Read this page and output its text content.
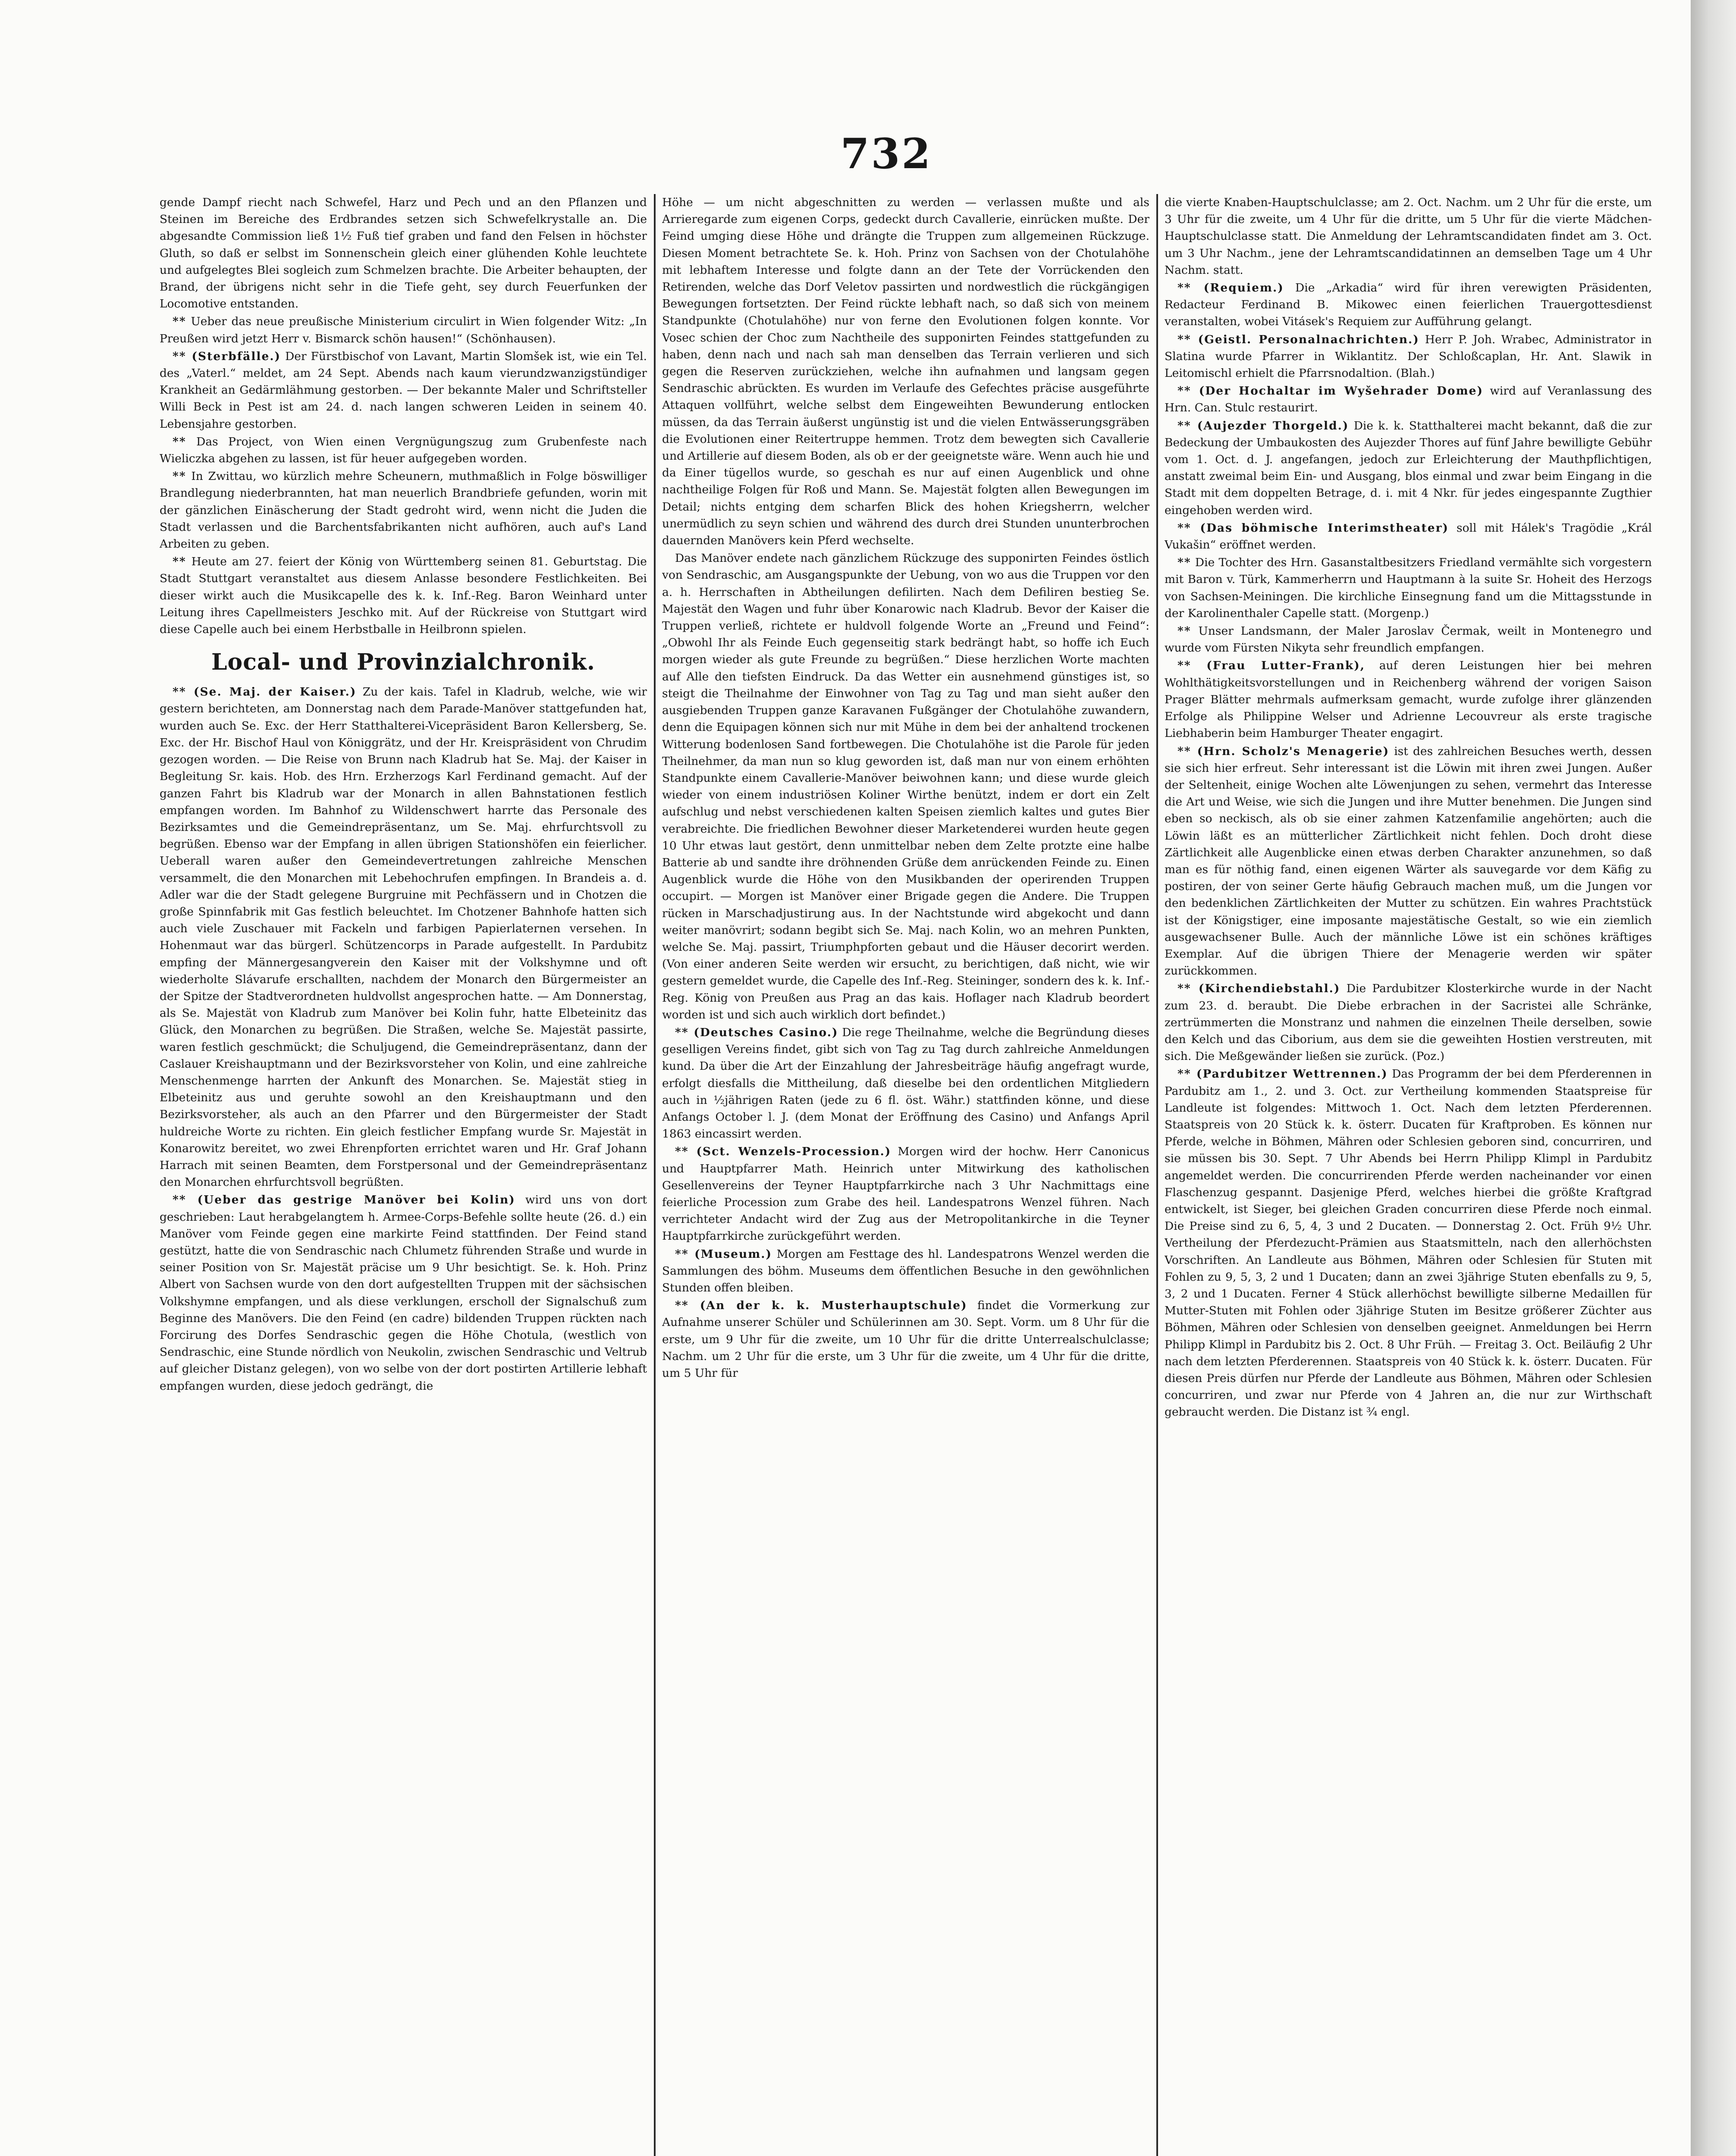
732

gende Dampf riecht nach Schwefel, Harz und Pech und an den Pflanzen und Steinen im Bereiche des Erdbrandes setzen sich Schwefelkrystalle an. Die abgesandte Commission ließ 1½ Fuß tief graben und fand den Felsen in höchster Gluth, so daß er selbst im Sonnenschein gleich einer glühenden Kohle leuchtete und aufgelegtes Blei sogleich zum Schmelzen brachte. Die Arbeiter behaupten, der Brand, der übrigens nicht sehr in die Tiefe geht, sey durch Feuerfunken der Locomotive entstanden.

** Ueber das neue preußische Ministerium circulirt in Wien folgender Witz: „In Preußen wird jetzt Herr v. Bismarck schön hausen!“ (Schönhausen).

** (Sterbfälle.) Der Fürstbischof von Lavant, Martin Slomšek ist, wie ein Tel. des „Vaterl.“ meldet, am 24 Sept. Abends nach kaum vierundzwanzigstündiger Krankheit an Gedärmlähmung gestorben. — Der bekannte Maler und Schriftsteller Willi Beck in Pest ist am 24. d. nach langen schweren Leiden in seinem 40. Lebensjahre gestorben.

** Das Project, von Wien einen Vergnügungszug zum Grubenfeste nach Wieliczka abgehen zu lassen, ist für heuer aufgegeben worden.

** In Zwittau, wo kürzlich mehre Scheunern, muthmaßlich in Folge böswilliger Brandlegung niederbrannten, hat man neuerlich Brandbriefe gefunden, worin mit der gänzlichen Einäscherung der Stadt gedroht wird, wenn nicht die Juden die Stadt verlassen und die Barchentsfabrikanten nicht aufhören, auch auf's Land Arbeiten zu geben.

** Heute am 27. feiert der König von Württemberg seinen 81. Geburtstag. Die Stadt Stuttgart veranstaltet aus diesem Anlasse besondere Festlichkeiten. Bei dieser wirkt auch die Musikcapelle des k. k. Inf.-Reg. Baron Weinhard unter Leitung ihres Capellmeisters Jeschko mit. Auf der Rückreise von Stuttgart wird diese Capelle auch bei einem Herbstballe in Heilbronn spielen.

Local- und Provinzialchronik.

** (Se. Maj. der Kaiser.) Zu der kais. Tafel in Kladrub, welche, wie wir gestern berichteten, am Donnerstag nach dem Parade-Manöver stattgefunden hat, wurden auch Se. Exc. der Herr Statthalterei-Vicepräsident Baron Kellersberg, Se. Exc. der Hr. Bischof Haul von Königgrätz, und der Hr. Kreispräsident von Chrudim gezogen worden. — Die Reise von Brunn nach Kladrub hat Se. Maj. der Kaiser in Begleitung Sr. kais. Hob. des Hrn. Erzherzogs Karl Ferdinand gemacht. Auf der ganzen Fahrt bis Kladrub war der Monarch in allen Bahnstationen festlich empfangen worden. Im Bahnhof zu Wildenschwert harrte das Personale des Bezirksamtes und die Gemeindrepräsentanz, um Se. Maj. ehrfurchtsvoll zu begrüßen. Ebenso war der Empfang in allen übrigen Stationshöfen ein feierlicher. Ueberall waren außer den Gemeindevertretungen zahlreiche Menschen versammelt, die den Monarchen mit Lebehochrufen empfingen. In Brandeis a. d. Adler war die der Stadt gelegene Burgruine mit Pechfässern und in Chotzen die große Spinnfabrik mit Gas festlich beleuchtet. Im Chotzener Bahnhofe hatten sich auch viele Zuschauer mit Fackeln und farbigen Papierlaternen versehen. In Hohenmaut war das bürgerl. Schützencorps in Parade aufgestellt. In Pardubitz empfing der Männergesangverein den Kaiser mit der Volkshymne und oft wiederholte Slávarufe erschallten, nachdem der Monarch den Bürgermeister an der Spitze der Stadtverordneten huldvollst angesprochen hatte. — Am Donnerstag, als Se. Majestät von Kladrub zum Manöver bei Kolin fuhr, hatte Elbeteinitz das Glück, den Monarchen zu begrüßen. Die Straßen, welche Se. Majestät passirte, waren festlich geschmückt; die Schuljugend, die Gemeindrepräsentanz, dann der Caslauer Kreishauptmann und der Bezirksvorsteher von Kolin, und eine zahlreiche Menschenmenge harrten der Ankunft des Monarchen. Se. Majestät stieg in Elbeteinitz aus und geruhte sowohl an den Kreishauptmann und den Bezirksvorsteher, als auch an den Pfarrer und den Bürgermeister der Stadt huldreiche Worte zu richten. Ein gleich festlicher Empfang wurde Sr. Majestät in Konarowitz bereitet, wo zwei Ehrenpforten errichtet waren und Hr. Graf Johann Harrach mit seinen Beamten, dem Forstpersonal und der Gemeindrepräsentanz den Monarchen ehrfurchtsvoll begrüßten.

** (Ueber das gestrige Manöver bei Kolin) wird uns von dort geschrieben: Laut herabgelangtem h. Armee-Corps-Befehle sollte heute (26. d.) ein Manöver vom Feinde gegen eine markirte Feind stattfinden. Der Feind stand gestützt, hatte die von Sendraschic nach Chlumetz führenden Straße und wurde in seiner Position von Sr. Majestät präcise um 9 Uhr besichtigt. Se. k. Hoh. Prinz Albert von Sachsen wurde von den dort aufgestellten Truppen mit der sächsischen Volkshymne empfangen, und als diese verklungen, erscholl der Signalschuß zum Beginne des Manövers. Die den Feind (en cadre) bildenden Truppen rückten nach Forcirung des Dorfes Sendraschic gegen die Höhe Chotula, (westlich von Sendraschic, eine Stunde nördlich von Neukolin, zwischen Sendraschic und Veltrub auf gleicher Distanz gelegen), von wo selbe von der dort postirten Artillerie lebhaft empfangen wurden, diese jedoch gedrängt, die

Höhe — um nicht abgeschnitten zu werden — verlassen mußte und als Arrieregarde zum eigenen Corps, gedeckt durch Cavallerie, einrücken mußte. Der Feind umging diese Höhe und drängte die Truppen zum allgemeinen Rückzuge. Diesen Moment betrachtete Se. k. Hoh. Prinz von Sachsen von der Chotulahöhe mit lebhaftem Interesse und folgte dann an der Tete der Vorrückenden den Retirenden, welche das Dorf Veletov passirten und nordwestlich die rückgängigen Bewegungen fortsetzten. Der Feind rückte lebhaft nach, so daß sich von meinem Standpunkte (Chotulahöhe) nur von ferne den Evolutionen folgen konnte. Vor Vosec schien der Choc zum Nachtheile des supponirten Feindes stattgefunden zu haben, denn nach und nach sah man denselben das Terrain verlieren und sich gegen die Reserven zurückziehen, welche ihn aufnahmen und langsam gegen Sendraschic abrückten. Es wurden im Verlaufe des Gefechtes präcise ausgeführte Attaquen vollführt, welche selbst dem Eingeweihten Bewunderung entlocken müssen, da das Terrain äußerst ungünstig ist und die vielen Entwässerungsgräben die Evolutionen einer Reitertruppe hemmen. Trotz dem bewegten sich Cavallerie und Artillerie auf diesem Boden, als ob er der geeignetste wäre. Wenn auch hie und da Einer tügellos wurde, so geschah es nur auf einen Augenblick und ohne nachtheilige Folgen für Roß und Mann. Se. Majestät folgten allen Bewegungen im Detail; nichts entging dem scharfen Blick des hohen Kriegsherrn, welcher unermüdlich zu seyn schien und während des durch drei Stunden ununterbrochen dauernden Manövers kein Pferd wechselte.

Das Manöver endete nach gänzlichem Rückzuge des supponirten Feindes östlich von Sendraschic, am Ausgangspunkte der Uebung, von wo aus die Truppen vor den a. h. Herrschaften in Abtheilungen defilirten. Nach dem Defiliren bestieg Se. Majestät den Wagen und fuhr über Konarowic nach Kladrub. Bevor der Kaiser die Truppen verließ, richtete er huldvoll folgende Worte an „Freund und Feind“: „Obwohl Ihr als Feinde Euch gegenseitig stark bedrängt habt, so hoffe ich Euch morgen wieder als gute Freunde zu begrüßen.“ Diese herzlichen Worte machten auf Alle den tiefsten Eindruck. Da das Wetter ein ausnehmend günstiges ist, so steigt die Theilnahme der Einwohner von Tag zu Tag und man sieht außer den ausgiebenden Truppen ganze Karavanen Fußgänger der Chotulahöhe zuwandern, denn die Equipagen können sich nur mit Mühe in dem bei der anhaltend trockenen Witterung bodenlosen Sand fortbewegen. Die Chotulahöhe ist die Parole für jeden Theilnehmer, da man nun so klug geworden ist, daß man nur von einem erhöhten Standpunkte einem Cavallerie-Manöver beiwohnen kann; und diese wurde gleich wieder von einem industriösen Koliner Wirthe benützt, indem er dort ein Zelt aufschlug und nebst verschiedenen kalten Speisen ziemlich kaltes und gutes Bier verabreichte. Die friedlichen Bewohner dieser Marketenderei wurden heute gegen 10 Uhr etwas laut gestört, denn unmittelbar neben dem Zelte protzte eine halbe Batterie ab und sandte ihre dröhnenden Grüße dem anrückenden Feinde zu. Einen Augenblick wurde die Höhe von den Musikbanden der operirenden Truppen occupirt. — Morgen ist Manöver einer Brigade gegen die Andere. Die Truppen rücken in Marschadjustirung aus. In der Nachtstunde wird abgekocht und dann weiter manövrirt; sodann begibt sich Se. Maj. nach Kolin, wo an mehren Punkten, welche Se. Maj. passirt, Triumphpforten gebaut und die Häuser decorirt werden. (Von einer anderen Seite werden wir ersucht, zu berichtigen, daß nicht, wie wir gestern gemeldet wurde, die Capelle des Inf.-Reg. Steininger, sondern des k. k. Inf.-Reg. König von Preußen aus Prag an das kais. Hoflager nach Kladrub beordert worden ist und sich auch wirklich dort befindet.)

** (Deutsches Casino.) Die rege Theilnahme, welche die Begründung dieses geselligen Vereins findet, gibt sich von Tag zu Tag durch zahlreiche Anmeldungen kund. Da über die Art der Einzahlung der Jahresbeiträge häufig angefragt wurde, erfolgt diesfalls die Mittheilung, daß dieselbe bei den ordentlichen Mitgliedern auch in ½jährigen Raten (jede zu 6 fl. öst. Währ.) stattfinden könne, und diese Anfangs October l. J. (dem Monat der Eröffnung des Casino) und Anfangs April 1863 eincassirt werden.

** (Sct. Wenzels-Procession.) Morgen wird der hochw. Herr Canonicus und Hauptpfarrer Math. Heinrich unter Mitwirkung des katholischen Gesellenvereins der Teyner Hauptpfarrkirche nach 3 Uhr Nachmittags eine feierliche Procession zum Grabe des heil. Landespatrons Wenzel führen. Nach verrichteter Andacht wird der Zug aus der Metropolitankirche in die Teyner Hauptpfarrkirche zurückgeführt werden.

** (Museum.) Morgen am Festtage des hl. Landespatrons Wenzel werden die Sammlungen des böhm. Museums dem öffentlichen Besuche in den gewöhnlichen Stunden offen bleiben.

** (An der k. k. Musterhauptschule) findet die Vormerkung zur Aufnahme unserer Schüler und Schülerinnen am 30. Sept. Vorm. um 8 Uhr für die erste, um 9 Uhr für die zweite, um 10 Uhr für die dritte Unterrealschulclasse; Nachm. um 2 Uhr für die erste, um 3 Uhr für die zweite, um 4 Uhr für die dritte, um 5 Uhr für

die vierte Knaben-Hauptschulclasse; am 2. Oct. Nachm. um 2 Uhr für die erste, um 3 Uhr für die zweite, um 4 Uhr für die dritte, um 5 Uhr für die vierte Mädchen-Hauptschulclasse statt. Die Anmeldung der Lehramtscandidaten findet am 3. Oct. um 3 Uhr Nachm., jene der Lehramtscandidatinnen an demselben Tage um 4 Uhr Nachm. statt.

** (Requiem.) Die „Arkadia“ wird für ihren verewigten Präsidenten, Redacteur Ferdinand B. Mikowec einen feierlichen Trauergottesdienst veranstalten, wobei Vitásek's Requiem zur Aufführung gelangt.

** (Geistl. Personalnachrichten.) Herr P. Joh. Wrabec, Administrator in Slatina wurde Pfarrer in Wiklantitz. Der Schloßcaplan, Hr. Ant. Slawik in Leitomischl erhielt die Pfarrsnodaltion. (Blah.)

** (Der Hochaltar im Wyšehrader Dome) wird auf Veranlassung des Hrn. Can. Stulc restaurirt.

** (Aujezder Thorgeld.) Die k. k. Statthalterei macht bekannt, daß die zur Bedeckung der Umbaukosten des Aujezder Thores auf fünf Jahre bewilligte Gebühr vom 1. Oct. d. J. angefangen, jedoch zur Erleichterung der Mauthpflichtigen, anstatt zweimal beim Ein- und Ausgang, blos einmal und zwar beim Eingang in die Stadt mit dem doppelten Betrage, d. i. mit 4 Nkr. für jedes eingespannte Zugthier eingehoben werden wird.

** (Das böhmische Interimstheater) soll mit Hálek's Tragödie „Král Vukašin“ eröffnet werden.

** Die Tochter des Hrn. Gasanstaltbesitzers Friedland vermählte sich vorgestern mit Baron v. Türk, Kammerherrn und Hauptmann à la suite Sr. Hoheit des Herzogs von Sachsen-Meiningen. Die kirchliche Einsegnung fand um die Mittagsstunde in der Karolinenthaler Capelle statt. (Morgenp.)

** Unser Landsmann, der Maler Jaroslav Čermak, weilt in Montenegro und wurde vom Fürsten Nikyta sehr freundlich empfangen.

** (Frau Lutter-Frank), auf deren Leistungen hier bei mehren Wohlthätigkeitsvorstellungen und in Reichenberg während der vorigen Saison Prager Blätter mehrmals aufmerksam gemacht, wurde zufolge ihrer glänzenden Erfolge als Philippine Welser und Adrienne Lecouvreur als erste tragische Liebhaberin beim Hamburger Theater engagirt.

** (Hrn. Scholz's Menagerie) ist des zahlreichen Besuches werth, dessen sie sich hier erfreut. Sehr interessant ist die Löwin mit ihren zwei Jungen. Außer der Seltenheit, einige Wochen alte Löwenjungen zu sehen, vermehrt das Interesse die Art und Weise, wie sich die Jungen und ihre Mutter benehmen. Die Jungen sind eben so neckisch, als ob sie einer zahmen Katzenfamilie angehörten; auch die Löwin läßt es an mütterlicher Zärtlichkeit nicht fehlen. Doch droht diese Zärtlichkeit alle Augenblicke einen etwas derben Charakter anzunehmen, so daß man es für nöthig fand, einen eigenen Wärter als sauvegarde vor dem Käfig zu postiren, der von seiner Gerte häufig Gebrauch machen muß, um die Jungen vor den bedenklichen Zärtlichkeiten der Mutter zu schützen. Ein wahres Prachtstück ist der Königstiger, eine imposante majestätische Gestalt, so wie ein ziemlich ausgewachsener Bulle. Auch der männliche Löwe ist ein schönes kräftiges Exemplar. Auf die übrigen Thiere der Menagerie werden wir später zurückkommen.

** (Kirchendiebstahl.) Die Pardubitzer Klosterkirche wurde in der Nacht zum 23. d. beraubt. Die Diebe erbrachen in der Sacristei alle Schränke, zertrümmerten die Monstranz und nahmen die einzelnen Theile derselben, sowie den Kelch und das Ciborium, aus dem sie die geweihten Hostien verstreuten, mit sich. Die Meßgewänder ließen sie zurück. (Poz.)

** (Pardubitzer Wettrennen.) Das Programm der bei dem Pferderennen in Pardubitz am 1., 2. und 3. Oct. zur Vertheilung kommenden Staatspreise für Landleute ist folgendes: Mittwoch 1. Oct. Nach dem letzten Pferderennen. Staatspreis von 20 Stück k. k. österr. Ducaten für Kraftproben. Es können nur Pferde, welche in Böhmen, Mähren oder Schlesien geboren sind, concurriren, und sie müssen bis 30. Sept. 7 Uhr Abends bei Herrn Philipp Klimpl in Pardubitz angemeldet werden. Die concurrirenden Pferde werden nacheinander vor einen Flaschenzug gespannt. Dasjenige Pferd, welches hierbei die größte Kraftgrad entwickelt, ist Sieger, bei gleichen Graden concurriren diese Pferde noch einmal. Die Preise sind zu 6, 5, 4, 3 und 2 Ducaten. — Donnerstag 2. Oct. Früh 9½ Uhr. Vertheilung der Pferdezucht-Prämien aus Staatsmitteln, nach den allerhöchsten Vorschriften. An Landleute aus Böhmen, Mähren oder Schlesien für Stuten mit Fohlen zu 9, 5, 3, 2 und 1 Ducaten; dann an zwei 3jährige Stuten ebenfalls zu 9, 5, 3, 2 und 1 Ducaten. Ferner 4 Stück allerhöchst bewilligte silberne Medaillen für Mutter-Stuten mit Fohlen oder 3jährige Stuten im Besitze größerer Züchter aus Böhmen, Mähren oder Schlesien von denselben geeignet. Anmeldungen bei Herrn Philipp Klimpl in Pardubitz bis 2. Oct. 8 Uhr Früh. — Freitag 3. Oct. Beiläufig 2 Uhr nach dem letzten Pferderennen. Staatspreis von 40 Stück k. k. österr. Ducaten. Für diesen Preis dürfen nur Pferde der Landleute aus Böhmen, Mähren oder Schlesien concurriren, und zwar nur Pferde von 4 Jahren an, die nur zur Wirthschaft gebraucht werden. Die Distanz ist ¾ engl.
